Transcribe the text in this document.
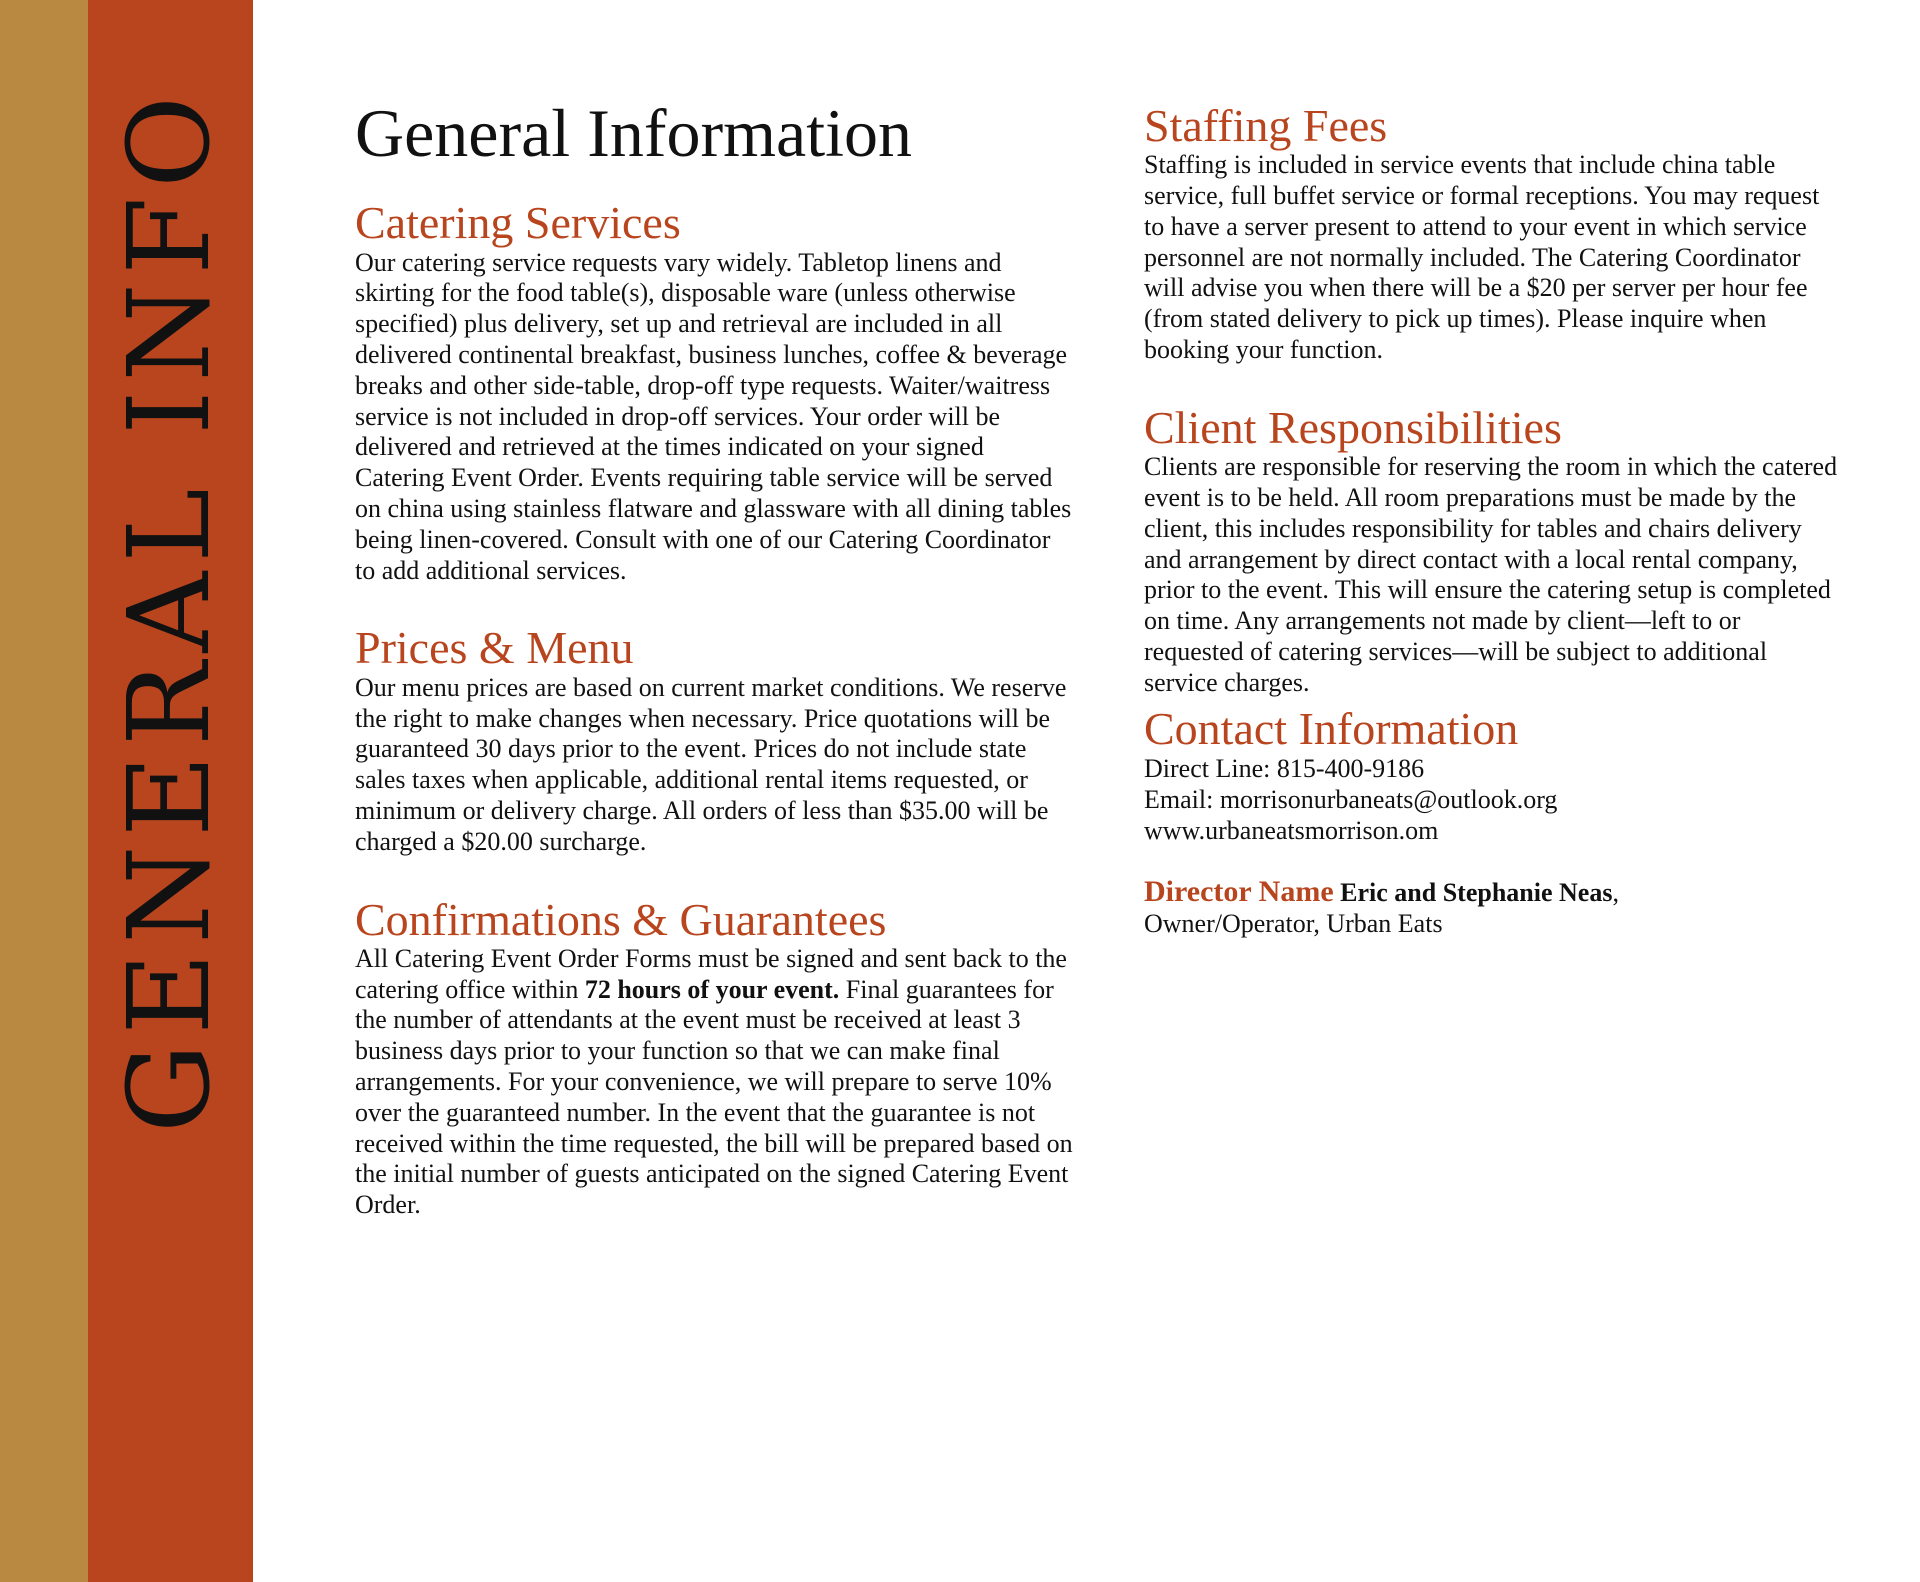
GENERAL INFO General Information
Catering Services

Our catering service requests vary widely. Tabletop linens and skirting for the food table(s), disposable ware (unless otherwise specified) plus delivery, set up and retrieval are included in all delivered continental breakfast, business lunches, coffee & beverage breaks and other side-table, drop-off type requests. Waiter/waitress service is not included in drop-off services. Your order will be delivered and retrieved at the times indicated on your signed Catering Event Order. Events requiring table service will be served on china using stainless flatware and glassware with all dining tables being linen-covered. Consult with one of our Catering Coordinator to add additional services.

Prices & Menu

Our menu prices are based on current market conditions. We reserve the right to make changes when necessary. Price quotations will be guaranteed 30 days prior to the event. Prices do not include state sales taxes when applicable, additional rental items requested, or minimum or delivery charge. All orders of less than $35.00 will be charged a $20.00 surcharge.

Confirmations & Guarantees

All Catering Event Order Forms must be signed and sent back to the catering office within 72 hours of your event. Final guarantees for the number of attendants at the event must be received at least 3 business days prior to your function so that we can make final arrangements. For your convenience, we will prepare to serve 10% over the guaranteed number. In the event that the guarantee is not received within the time requested, the bill will be prepared based on the initial number of guests anticipated on the signed Catering Event Order.

Staffing Fees

Staffing is included in service events that include china table service, full buffet service or formal receptions. You may request to have a server present to attend to your event in which service personnel are not normally included. The Catering Coordinator will advise you when there will be a $20 per server per hour fee (from stated delivery to pick up times). Please inquire when booking your function.

Client Responsibilities

Clients are responsible for reserving the room in which the catered event is to be held. All room preparations must be made by the client, this includes responsibility for tables and chairs delivery and arrangement by direct contact with a local rental company, prior to the event. This will ensure the catering setup is completed on time. Any arrangements not made by client—left to or requested of catering services—will be subject to additional service charges.

Contact Information
Direct Line: 815-400-9186
Email: morrisonurbaneats@outlook.org
www.urbaneatsmorrison.om
Director Name Eric and Stephanie Neas,
Owner/Operator, Urban Eats
